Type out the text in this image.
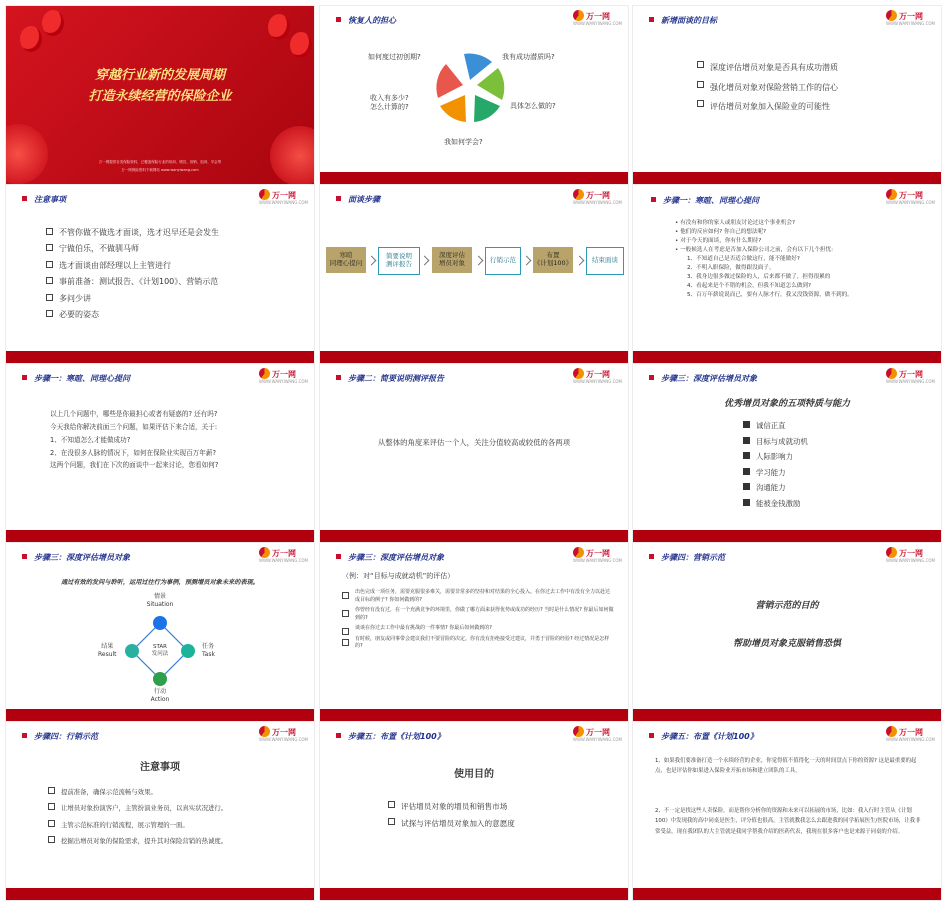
穿越行业新的发展周期
打造永续经营的保险企业
万一网提供各类保险资料，已覆盖保险行业的培训、增员、营销、组训、早会等
万一网保险资料下载网站 www.wanyiwang.com
恢复人的担心	万一网
WWW.WANYIWANG.COM
如何度过初创期?	我有成功潜质吗?
收入有多少?
怎么计算的?	具体怎么做的?
我如何学会?
新增面谈的目标	万一网
WWW.WANYIWANG.COM
深度评估增员对象是否具有成功潜质
强化增员对象对保险营销工作的信心
评估增员对象加入保险业的可能性
注意事项	万一网
WWW.WANYIWANG.COM
不管你做不做选才面谈，选才迟早还是会发生
宁做伯乐，不做驯马师
选才面谈由部经理以上主管进行
事前准备：测试报告、《计划100》、营销示范
多问少讲
必要的姿态
面谈步骤	万一网
WWW.WANYIWANG.COM
寒暄
同理心提问
简要说明
测评报告
深度评估
增员对象	行销示范
布置
《计划100》	结束面谈
步骤一：寒暄、同理心提问
万一网
WWW.WANYIWANG.COM
• 有没有和你的家人或朋友讨论过这个事业机会?
• 他们的反应如何? 你自己的想法呢?
• 对于今天的面谈，你有什么期待?
• 一般候选人在考虑是否加入保险公司之前，会有以下几个担忧:
1、不知道自己是否适合做这行，能不能做好?
2、不明入职保险，做得跟没面子。
3、我身边很多做过保险的人，后来都不做了，担得很累的
4、看起来是个不错的机会，但我不知道怎么做到?
5、百万年薪说说而已，要有人脉才行，我又没钱资源，做不到的。
步骤一：寒暄、同理心提问	万一网
WWW.WANYIWANG.COM
以上几个问题中，哪些是你最担心或者有疑惑的? 还有吗?
今天我给你解决前面三个问题，如果评估下来合适，关于:
1、不知道怎么才能做成功?
2、在没很多人脉的情况下，如何在保险业实现百万年薪?
这两个问题，我们在下次的面谈中一起来讨论，您看如何?
步骤二：简要说明测评报告	万一网
WWW.WANYIWANG.COM
从整体的角度来评估一个人，关注分值较高或较低的各两项
步骤三：深度评估增员对象	万一网
WWW.WANYIWANG.COM
优秀增员对象的五项特质与能力
诚信正直
目标与成就动机
人际影响力
学习能力
沟通能力
能被金钱激励
步骤三：深度评估增员对象	万一网
WWW.WANYIWANG.COM
通过有效的发问与聆听，运用过往行为事例，预测增员对象未来的表现。
STAR
发问法
情景
Situation
任务
Task
行动
Action
结果
Result
步骤三：深度评估增员对象	万一网
WWW.WANYIWANG.COM
（例：对“目标与成就动机”的评估）
出色完成一项任务，需要克服很多难关，需要非常多的坚持和对结果的全心投入。在你过去工作中有没有全力以赴达成目标的例子? 你如何做到的?
你曾经有没有过，在一个充满竞争的环境里，你做了哪方面来获得优势或成功的经历? 当时是什么情况? 你最后如何做到的?
谈谈在你过去工作中最有挑战的一件事情? 你最后如何做到的?
有时候，朋友或同事带会建议我们不要冒险的决定。你有没有拒绝接受过建议，并勇于冒险的经验? 经过情况是怎样的?
步骤四：营销示范	万一网
WWW.WANYIWANG.COM
营销示范的目的
帮助增员对象克服销售恐惧
步骤四：行销示范	万一网
WWW.WANYIWANG.COM
注意事项
提前准备，确保示范流畅与效果。
让增员对象扮演客户，主管扮演业务员，以真实状况进行。
主管示范标准的行销流程，展示管理的一面。
挖掘出增员对象的保险需求，提升其对保险营销的热诚度。
步骤五：布置《计划100》	万一网
WWW.WANYIWANG.COM
使用目的
评估增员对象的增员和销售市场
试探与评估增员对象加入的意愿度
步骤五：布置《计划100》	万一网
WWW.WANYIWANG.COM
1、如果我们要准备打造一个永续经营的企业，你觉得值不值得化一天的时间盘点下你的资源? 这是最重要的起点，也是评估你如果进入保险业开拓市场和建立团队的工具。
2、不一定是找这些人卖保险，而是帮你分析你的资源和未来可以拓展的市场，比如：我入行时主管从《计划100》中发现我的高中同桌是医生，评分值也很高，主管就教我怎么去跟进我的同学拓展医生/医院市场，让我非常受益，现在我团队的大主管就是我同学帮我介绍的医药代表，我现在很多客户也是来源于同桌的介绍。
